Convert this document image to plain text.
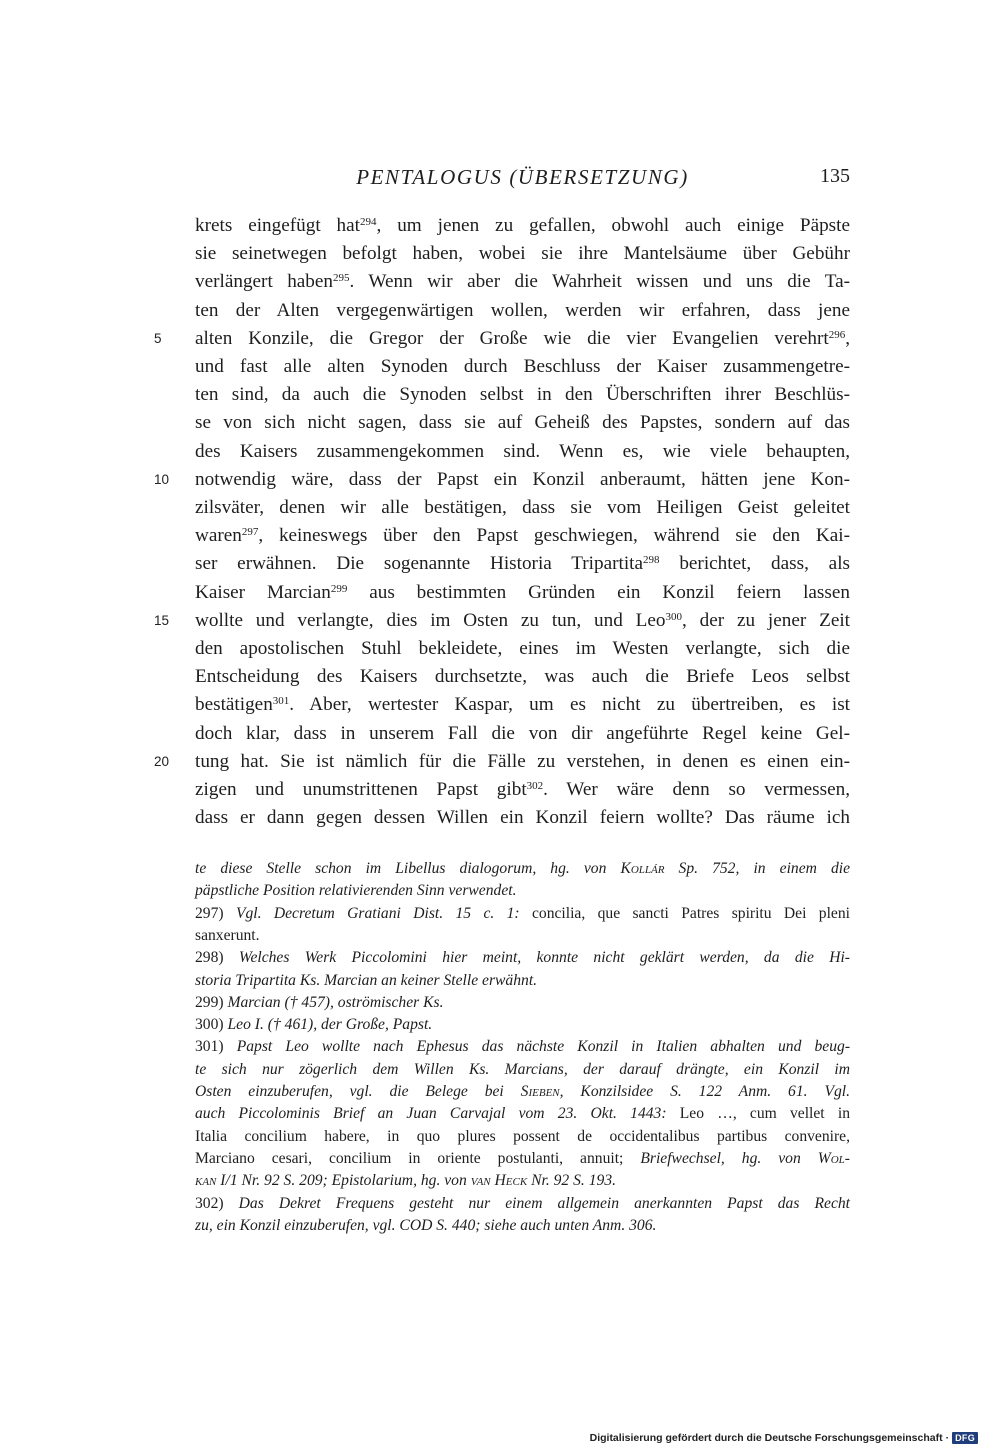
PENTALOGUS (ÜBERSETZUNG)	135
5
10
15
20
krets eingefügt hat$^{294}$, um jenen zu gefallen, obwohl auch einige Päpste
sie seinetwegen befolgt haben, wobei sie ihre Mantelsäume über Gebühr
verlängert haben$^{295}$. Wenn wir aber die Wahrheit wissen und uns die Ta-
ten der Alten vergegenwärtigen wollen, werden wir erfahren, dass jene
alten Konzile, die Gregor der Große wie die vier Evangelien verehrt$^{296}$,
und fast alle alten Synoden durch Beschluss der Kaiser zusammengetre-
ten sind, da auch die Synoden selbst in den Überschriften ihrer Beschlüs-
se von sich nicht sagen, dass sie auf Geheiß des Papstes, sondern auf das
des Kaisers zusammengekommen sind. Wenn es, wie viele behaupten,
notwendig wäre, dass der Papst ein Konzil anberaumt, hätten jene Kon-
zilsväter, denen wir alle bestätigen, dass sie vom Heiligen Geist geleitet
waren$^{297}$, keineswegs über den Papst geschwiegen, während sie den Kai-
ser erwähnen. Die sogenannte Historia Tripartita$^{298}$ berichtet, dass, als
Kaiser Marcian$^{299}$ aus bestimmten Gründen ein Konzil feiern lassen
wollte und verlangte, dies im Osten zu tun, und Leo$^{300}$, der zu jener Zeit
den apostolischen Stuhl bekleidete, eines im Westen verlangte, sich die
Entscheidung des Kaisers durchsetzte, was auch die Briefe Leos selbst
bestätigen$^{301}$. Aber, wertester Kaspar, um es nicht zu übertreiben, es ist
doch klar, dass in unserem Fall die von dir angeführte Regel keine Gel-
tung hat. Sie ist nämlich für die Fälle zu verstehen, in denen es einen ein-
zigen und unumstrittenen Papst gibt$^{302}$. Wer wäre denn so vermessen,
dass er dann gegen dessen Willen ein Konzil feiern wollte? Das räume ich
te diese Stelle schon im Libellus dialogorum, hg. von Kollár Sp. 752, in einem die
päpstliche Position relativierenden Sinn verwendet.
297) Vgl. Decretum Gratiani Dist. 15 c. 1: concilia, que sancti Patres spiritu Dei pleni
sanxerunt.
298) Welches Werk Piccolomini hier meint, konnte nicht geklärt werden, da die Hi-
storia Tripartita Ks. Marcian an keiner Stelle erwähnt.
299) Marcian († 457), oströmischer Ks.
300) Leo I. († 461), der Große, Papst.
301) Papst Leo wollte nach Ephesus das nächste Konzil in Italien abhalten und beug-
te sich nur zögerlich dem Willen Ks. Marcians, der darauf drängte, ein Konzil im
Osten einzuberufen, vgl. die Belege bei Sieben, Konzilsidee S. 122 Anm. 61. Vgl.
auch Piccolominis Brief an Juan Carvajal vom 23. Okt. 1443: Leo …, cum vellet in
Italia concilium habere, in quo plures possent de occidentalibus partibus convenire,
Marciano cesari, concilium in oriente postulanti, annuit; Briefwechsel, hg. von Wol-
kan I/1 Nr. 92 S. 209; Epistolarium, hg. von van Heck Nr. 92 S. 193.
302) Das Dekret Frequens gesteht nur einem allgemein anerkannten Papst das Recht
zu, ein Konzil einzuberufen, vgl. COD S. 440; siehe auch unten Anm. 306.
Digitalisierung gefördert durch die Deutsche Forschungsgemeinschaft · DFG
